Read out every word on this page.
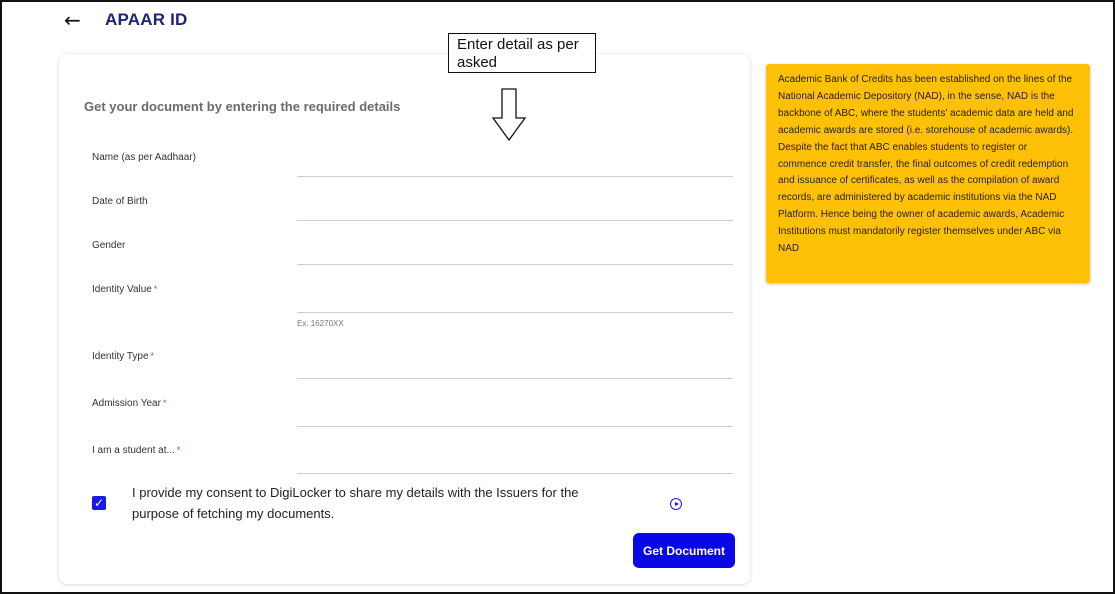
← APAAR ID
Get your document by entering the required details
Name (as per Aadhaar)
Date of Birth
Gender
Identity Value *
Ex. 16270XX
Identity Type *
Admission Year *
I am a student at... *
✓
I provide my consent to DigiLocker to share my details with the Issuers for the purpose of fetching my documents.
Get Document
Enter detail as per asked
Academic Bank of Credits has been established on the lines of the National Academic Depository (NAD), in the sense, NAD is the backbone of ABC, where the students' academic data are held and academic awards are stored (i.e. storehouse of academic awards). Despite the fact that ABC enables students to register or commence credit transfer, the final outcomes of credit redemption and issuance of certificates, as well as the compilation of award records, are administered by academic institutions via the NAD Platform. Hence being the owner of academic awards, Academic Institutions must mandatorily register themselves under ABC via NAD
